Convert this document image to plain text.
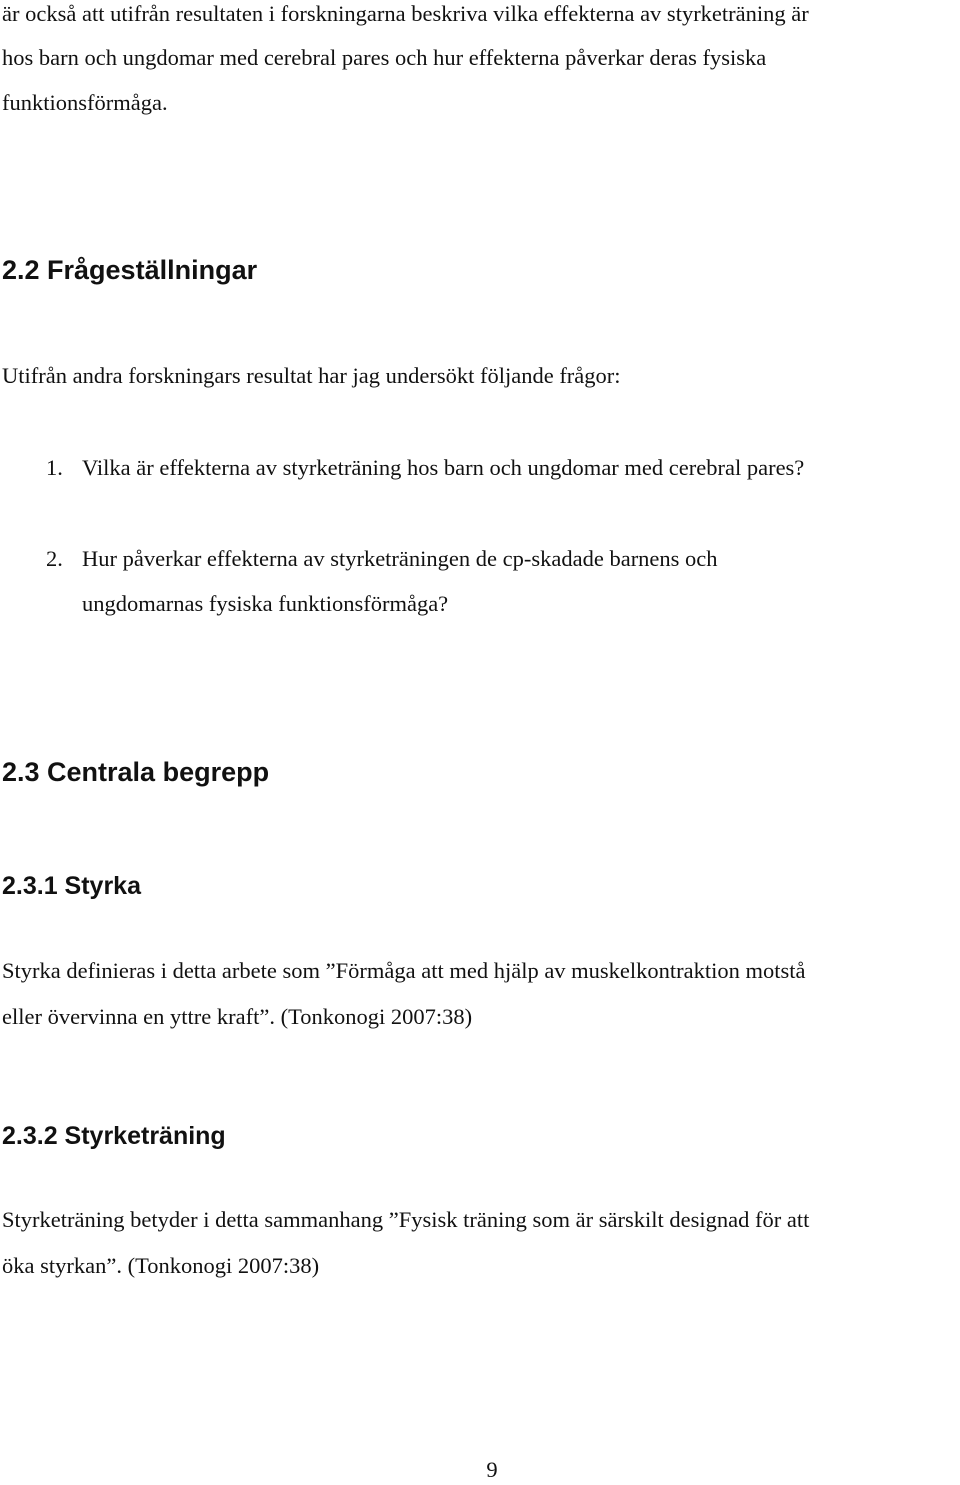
är också att utifrån resultaten i forskningarna beskriva vilka effekterna av styrketräning är

hos barn och ungdomar med cerebral pares och hur effekterna påverkar deras fysiska

funktionsförmåga.

2.2 Frågeställningar

Utifrån andra forskningars resultat har jag undersökt följande frågor:

1. Vilka är effekterna av styrketräning hos barn och ungdomar med cerebral pares?

2. Hur påverkar effekterna av styrketräningen de cp-skadade barnens och

ungdomarnas fysiska funktionsförmåga?

2.3 Centrala begrepp
2.3.1 Styrka

Styrka definieras i detta arbete som ”Förmåga att med hjälp av muskelkontraktion motstå

eller övervinna en yttre kraft”. (Tonkonogi 2007:38)

2.3.2 Styrketräning

Styrketräning betyder i detta sammanhang ”Fysisk träning som är särskilt designad för att

öka styrkan”. (Tonkonogi 2007:38)

9
